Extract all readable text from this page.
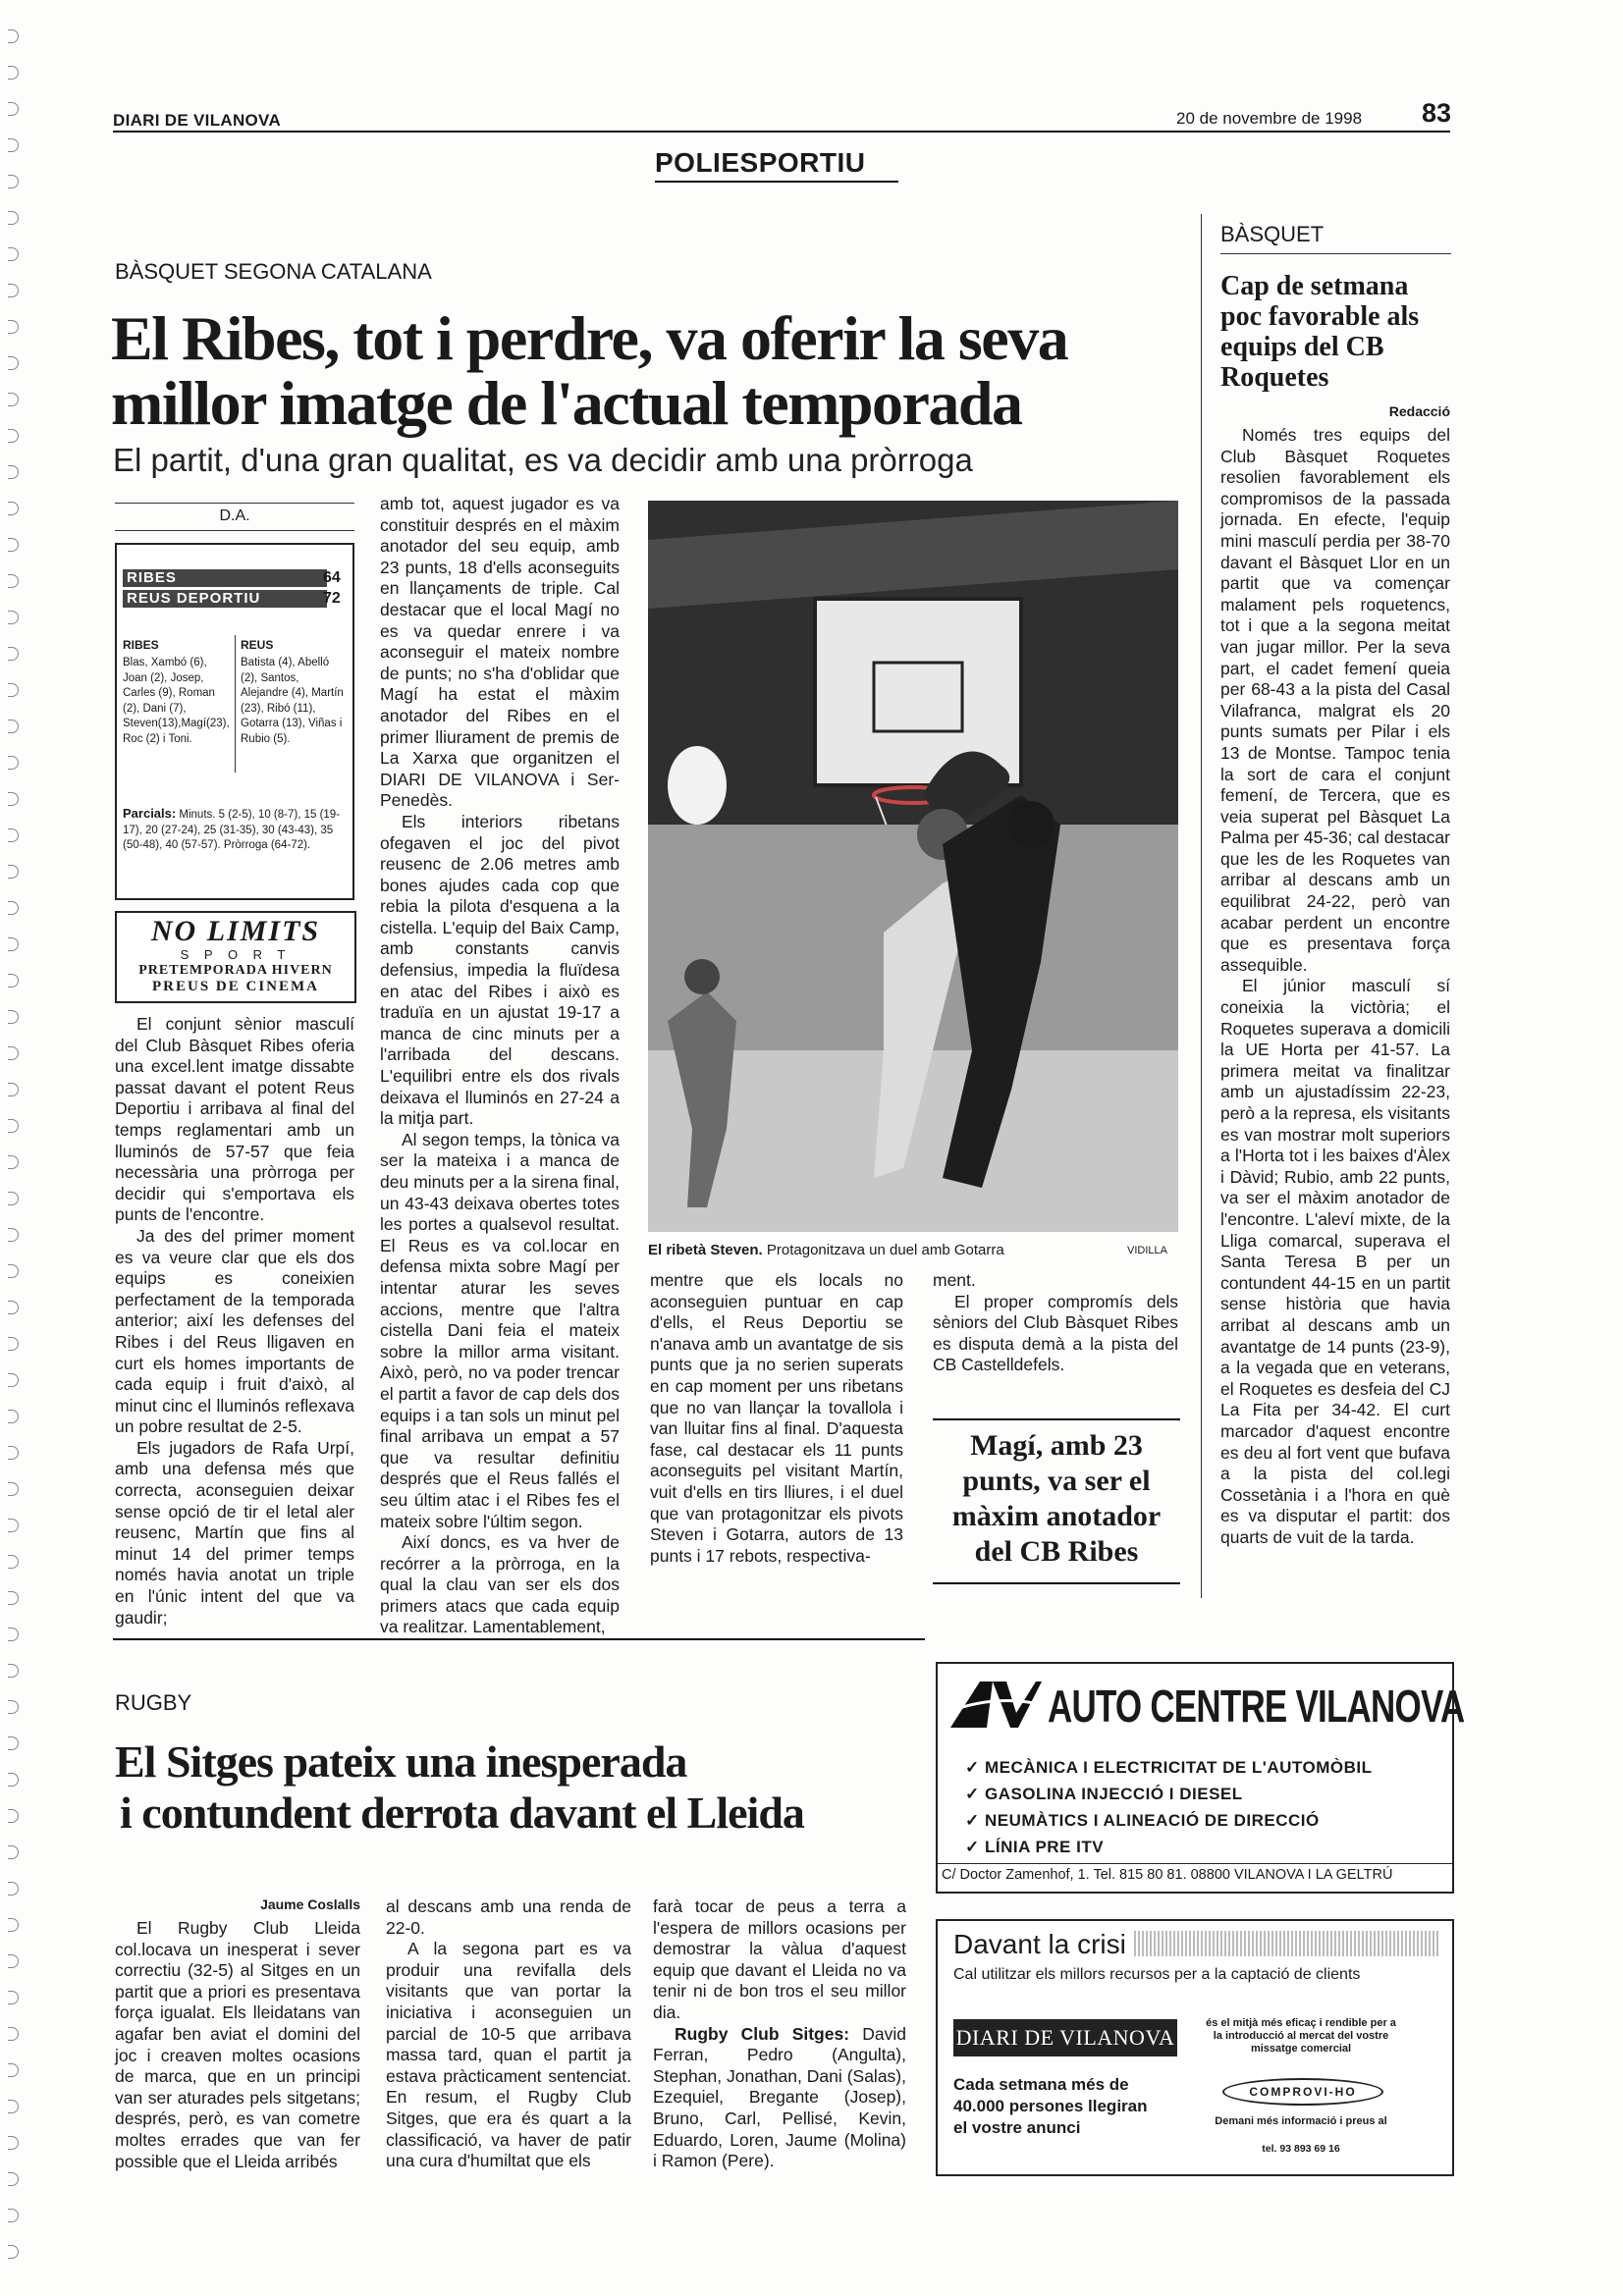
DIARI DE VILANOVA	20 de novembre de 1998 83
POLIESPORTIU
BÀSQUET SEGONA CATALANA
El Ribes, tot i perdre, va oferir la seva
millor imatge de l'actual temporada
El partit, d'una gran qualitat, es va decidir amb una pròrroga
D.A.
RIBES	64
REUS DEPORTIU	72
RIBES
Blas, Xambó (6), Joan (2), Josep, Carles (9), Roman (2), Dani (7), Steven(13),Magí(23), Roc (2) i Toni.
REUS
Batista (4), Abelló (2), Santos, Alejandre (4), Martín (23), Ribó (11), Gotarra (13), Viñas i Rubio (5).
Parcials: Minuts. 5 (2-5), 10 (8-7), 15 (19-17), 20 (27-24), 25 (31-35), 30 (43-43), 35 (50-48), 40 (57-57). Pròrroga (64-72).
NO LIMITS
S P O R T
PRETEMPORADA HIVERN
PREUS DE CINEMA

El conjunt sènior masculí del Club Bàsquet Ribes oferia una excel.lent imatge dissabte passat davant el potent Reus Deportiu i arribava al final del temps reglamentari amb un lluminós de 57-57 que feia necessària una pròrroga per decidir qui s'emportava els punts de l'encontre.

Ja des del primer moment es va veure clar que els dos equips es coneixien perfectament de la temporada anterior; així les defenses del Ribes i del Reus lligaven en curt els homes importants de cada equip i fruit d'això, al minut cinc el lluminós reflexava un pobre resultat de 2-5.

Els jugadors de Rafa Urpí, amb una defensa més que correcta, aconseguien deixar sense opció de tir el letal aler reusenc, Martín que fins al minut 14 del primer temps només havia anotat un triple en l'únic intent del que va gaudir;

amb tot, aquest jugador es va constituir després en el màxim anotador del seu equip, amb 23 punts, 18 d'ells aconseguits en llançaments de triple. Cal destacar que el local Magí no es va quedar enrere i va aconseguir el mateix nombre de punts; no s'ha d'oblidar que Magí ha estat el màxim anotador del Ribes en el primer lliurament de premis de La Xarxa que organitzen el DIARI DE VILANOVA i Ser-Penedès.

Els interiors ribetans ofegaven el joc del pivot reusenc de 2.06 metres amb bones ajudes cada cop que rebia la pilota d'esquena a la cistella. L'equip del Baix Camp, amb constants canvis defensius, impedia la fluïdesa en atac del Ribes i això es traduïa en un ajustat 19-17 a manca de cinc minuts per a l'arribada del descans. L'equilibri entre els dos rivals deixava el lluminós en 27-24 a la mitja part.

Al segon temps, la tònica va ser la mateixa i a manca de deu minuts per a la sirena final, un 43-43 deixava obertes totes les portes a qualsevol resultat. El Reus es va col.locar en defensa mixta sobre Magí per intentar aturar les seves accions, mentre que l'altra cistella Dani feia el mateix sobre la millor arma visitant. Això, però, no va poder trencar el partit a favor de cap dels dos equips i a tan sols un minut pel final arribava un empat a 57 que va resultar definitiu després que el Reus fallés el seu últim atac i el Ribes fes el mateix sobre l'últim segon.

Així doncs, es va hver de recórrer a la pròrroga, en la qual la clau van ser els dos primers atacs que cada equip va realitzar. Lamentablement,

El ribetà Steven. Protagonitzava un duel amb Gotarra	VIDILLA

mentre que els locals no aconseguien puntuar en cap d'ells, el Reus Deportiu se n'anava amb un avantatge de sis punts que ja no serien superats en cap moment per uns ribetans que no van llançar la tovallola i van lluitar fins al final. D'aquesta fase, cal destacar els 11 punts aconseguits pel visitant Martín, vuit d'ells en tirs lliures, i el duel que van protagonitzar els pivots Steven i Gotarra, autors de 13 punts i 17 rebots, respectiva-

ment.

El proper compromís dels sèniors del Club Bàsquet Ribes es disputa demà a la pista del CB Castelldefels.

Magí, amb 23 punts, va ser el màxim anotador del CB Ribes
BÀSQUET
Cap de setmana poc favorable als equips del CB Roquetes
Redacció

Només tres equips del Club Bàsquet Roquetes resolien favorablement els compromisos de la passada jornada. En efecte, l'equip mini masculí perdia per 38-70 davant el Bàsquet Llor en un partit que va començar malament pels roquetencs, tot i que a la segona meitat van jugar millor. Per la seva part, el cadet femení queia per 68-43 a la pista del Casal Vilafranca, malgrat els 20 punts sumats per Pilar i els 13 de Montse. Tampoc tenia la sort de cara el conjunt femení, de Tercera, que es veia superat pel Bàsquet La Palma per 45-36; cal destacar que les de les Roquetes van arribar al descans amb un equilibrat 24-22, però van acabar perdent un encontre que es presentava força assequible.

El júnior masculí sí coneixia la victòria; el Roquetes superava a domicili la UE Horta per 41-57. La primera meitat va finalitzar amb un ajustadíssim 22-23, però a la represa, els visitants es van mostrar molt superiors a l'Horta tot i les baixes d'Àlex i Dàvid; Rubio, amb 22 punts, va ser el màxim anotador de l'encontre. L'aleví mixte, de la Lliga comarcal, superava el Santa Teresa B per un contundent 44-15 en un partit sense història que havia arribat al descans amb un avantatge de 14 punts (23-9), a la vegada que en veterans, el Roquetes es desfeia del CJ La Fita per 34-42. El curt marcador d'aquest encontre es deu al fort vent que bufava a la pista del col.legi Cossetània i a l'hora en què es va disputar el partit: dos quarts de vuit de la tarda.

RUGBY
El Sitges pateix una inesperada
i contundent derrota davant el Lleida
Jaume Coslalls

El Rugby Club Lleida col.locava un inesperat i sever correctiu (32-5) al Sitges en un partit que a priori es presentava força igualat. Els lleidatans van agafar ben aviat el domini del joc i creaven moltes ocasions de marca, que en un principi van ser aturades pels sitgetans; després, però, es van cometre moltes errades que van fer possible que el Lleida arribés

al descans amb una renda de 22-0.

A la segona part es va produir una revifalla dels visitants que van portar la iniciativa i aconseguien un parcial de 10-5 que arribava massa tard, quan el partit ja estava pràcticament sentenciat. En resum, el Rugby Club Sitges, que era és quart a la classificació, va haver de patir una cura d'humiltat que els

farà tocar de peus a terra a l'espera de millors ocasions per demostrar la vàlua d'aquest equip que davant el Lleida no va tenir ni de bon tros el seu millor dia.

Rugby Club Sitges: David Ferran, Pedro (Angulta), Stephan, Jonathan, Dani (Salas), Ezequiel, Bregante (Josep), Bruno, Carl, Pellisé, Kevin, Eduardo, Loren, Jaume (Molina) i Ramon (Pere).

AUTO CENTRE VILANOVA
✓ MECÀNICA I ELECTRICITAT DE L'AUTOMÒBIL
✓ GASOLINA INJECCIÓ I DIESEL
✓ NEUMÀTICS I ALINEACIÓ DE DIRECCIÓ
✓ LÍNIA PRE ITV
C/ Doctor Zamenhof, 1. Tel. 815 80 81. 08800 VILANOVA I LA GELTRÚ
Davant la crisi
Cal utilitzar els millors recursos per a la captació de clients
DIARI DE VILANOVA
Cada setmana més de
40.000 persones llegiran
el vostre anunci
és el mitjà més eficaç i rendible per a la introducció al mercat del vostre missatge comercial
COMPROVI-HO
Demani més informació i preus al
tel. 93 893 69 16
